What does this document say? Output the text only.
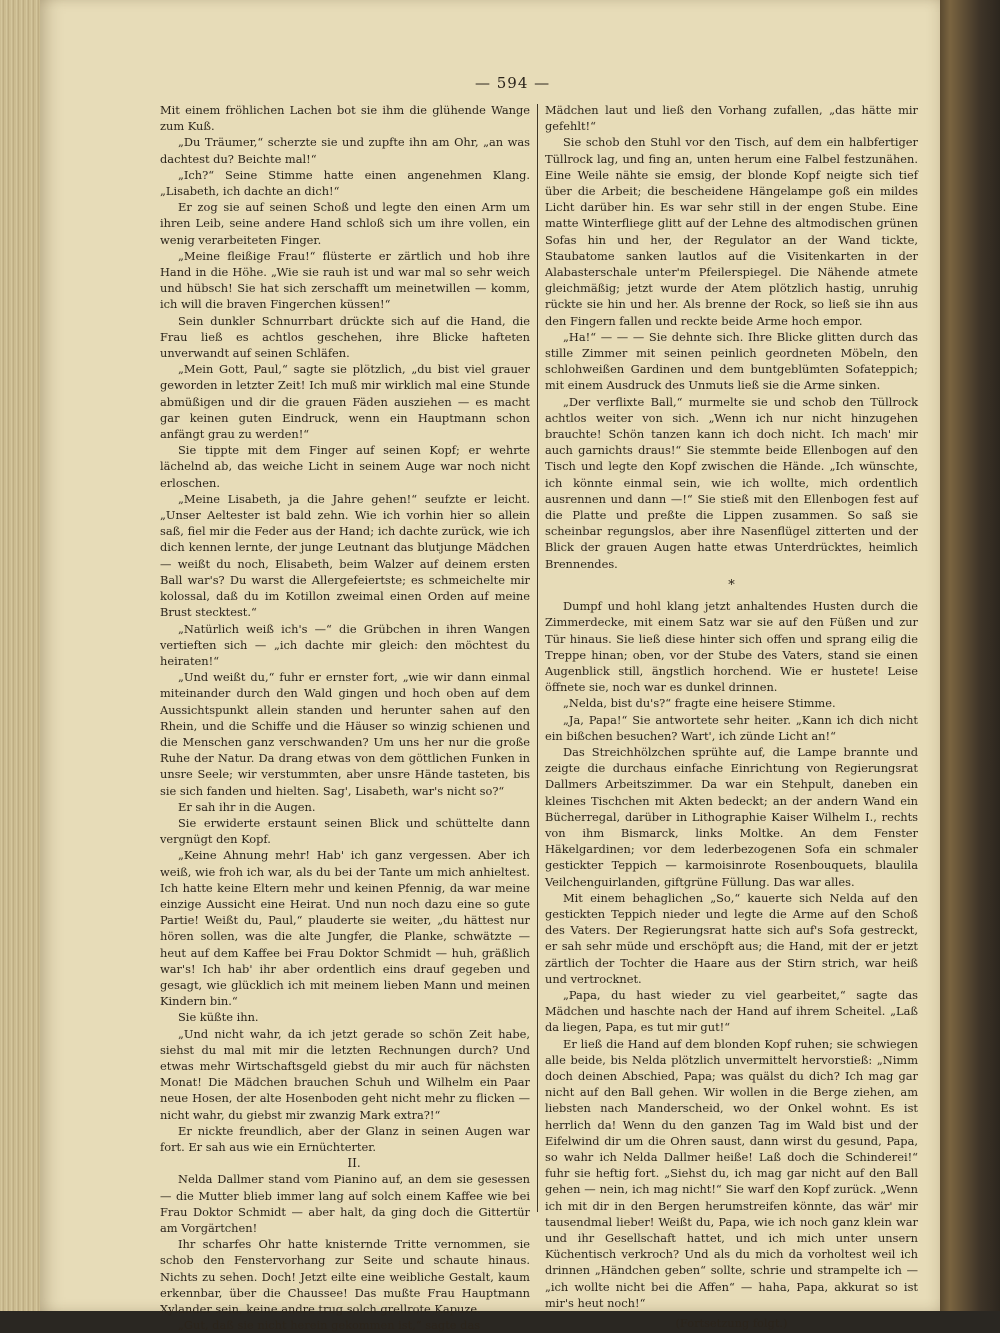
— 594 —

Mit einem fröhlichen Lachen bot sie ihm die glühende Wange zum Kuß.

„Du Träumer,“ scherzte sie und zupfte ihn am Ohr, „an was dachtest du? Beichte mal!“

„Ich?“ Seine Stimme hatte einen angenehmen Klang. „Lisabeth, ich dachte an dich!“

Er zog sie auf seinen Schoß und legte den einen Arm um ihren Leib, seine andere Hand schloß sich um ihre vollen, ein wenig verarbeiteten Finger.

„Meine fleißige Frau!“ flüsterte er zärtlich und hob ihre Hand in die Höhe. „Wie sie rauh ist und war mal so sehr weich und hübsch! Sie hat sich zerschafft um meinetwillen — komm, ich will die braven Fingerchen küssen!“

Sein dunkler Schnurrbart drückte sich auf die Hand, die Frau ließ es achtlos geschehen, ihre Blicke hafteten unverwandt auf seinen Schläfen.

„Mein Gott, Paul,“ sagte sie plötzlich, „du bist viel grauer geworden in letzter Zeit! Ich muß mir wirklich mal eine Stunde abmüßigen und dir die grauen Fäden ausziehen — es macht gar keinen guten Eindruck, wenn ein Hauptmann schon anfängt grau zu werden!“

Sie tippte mit dem Finger auf seinen Kopf; er wehrte lächelnd ab, das weiche Licht in seinem Auge war noch nicht erloschen.

„Meine Lisabeth, ja die Jahre gehen!“ seufzte er leicht. „Unser Aeltester ist bald zehn. Wie ich vorhin hier so allein saß, fiel mir die Feder aus der Hand; ich dachte zurück, wie ich dich kennen lernte, der junge Leutnant das blutjunge Mädchen — weißt du noch, Elisabeth, beim Walzer auf deinem ersten Ball war's? Du warst die Allergefeiertste; es schmeichelte mir kolossal, daß du im Kotillon zweimal einen Orden auf meine Brust stecktest.“

„Natürlich weiß ich's —“ die Grübchen in ihren Wangen vertieften sich — „ich dachte mir gleich: den möchtest du heiraten!“

„Und weißt du,“ fuhr er ernster fort, „wie wir dann einmal miteinander durch den Wald gingen und hoch oben auf dem Aussichtspunkt allein standen und herunter sahen auf den Rhein, und die Schiffe und die Häuser so winzig schienen und die Menschen ganz verschwanden? Um uns her nur die große Ruhe der Natur. Da drang etwas von dem göttlichen Funken in unsre Seele; wir verstummten, aber unsre Hände tasteten, bis sie sich fanden und hielten. Sag', Lisabeth, war's nicht so?“

Er sah ihr in die Augen.

Sie erwiderte erstaunt seinen Blick und schüttelte dann vergnügt den Kopf.

„Keine Ahnung mehr! Hab' ich ganz vergessen. Aber ich weiß, wie froh ich war, als du bei der Tante um mich anhieltest. Ich hatte keine Eltern mehr und keinen Pfennig, da war meine einzige Aussicht eine Heirat. Und nun noch dazu eine so gute Partie! Weißt du, Paul,“ plauderte sie weiter, „du hättest nur hören sollen, was die alte Jungfer, die Planke, schwätzte — heut auf dem Kaffee bei Frau Doktor Schmidt — huh, gräßlich war's! Ich hab' ihr aber ordentlich eins drauf gegeben und gesagt, wie glücklich ich mit meinem lieben Mann und meinen Kindern bin.“

Sie küßte ihn.

„Und nicht wahr, da ich jetzt gerade so schön Zeit habe, siehst du mal mit mir die letzten Rechnungen durch? Und etwas mehr Wirtschaftsgeld giebst du mir auch für nächsten Monat! Die Mädchen brauchen Schuh und Wilhelm ein Paar neue Hosen, der alte Hosenboden geht nicht mehr zu flicken — nicht wahr, du giebst mir zwanzig Mark extra?!“

Er nickte freundlich, aber der Glanz in seinen Augen war fort. Er sah aus wie ein Ernüchterter.

II.

Nelda Dallmer stand vom Pianino auf, an dem sie gesessen — die Mutter blieb immer lang auf solch einem Kaffee wie bei Frau Doktor Schmidt — aber halt, da ging doch die Gittertür am Vorgärtchen!

Ihr scharfes Ohr hatte knisternde Tritte vernommen, sie schob den Fenstervorhang zur Seite und schaute hinaus. Nichts zu sehen. Doch! Jetzt eilte eine weibliche Gestalt, kaum erkennbar, über die Chaussee! Das mußte Frau Hauptmann Xylander sein, keine andre trug solch grellrote Kapuze.

„Gut, daß sie nicht herein gekommen ist,“ sagte das

Mädchen laut und ließ den Vorhang zufallen, „das hätte mir gefehlt!“

Sie schob den Stuhl vor den Tisch, auf dem ein halbfertiger Tüllrock lag, und fing an, unten herum eine Falbel festzunähen. Eine Weile nähte sie emsig, der blonde Kopf neigte sich tief über die Arbeit; die bescheidene Hängelampe goß ein mildes Licht darüber hin. Es war sehr still in der engen Stube. Eine matte Winterfliege glitt auf der Lehne des altmodischen grünen Sofas hin und her, der Regulator an der Wand tickte, Staubatome sanken lautlos auf die Visitenkarten in der Alabasterschale unter'm Pfeilerspiegel. Die Nähende atmete gleichmäßig; jetzt wurde der Atem plötzlich hastig, unruhig rückte sie hin und her. Als brenne der Rock, so ließ sie ihn aus den Fingern fallen und reckte beide Arme hoch empor.

„Ha!“ — — — Sie dehnte sich. Ihre Blicke glitten durch das stille Zimmer mit seinen peinlich geordneten Möbeln, den schlohweißen Gardinen und dem buntgeblümten Sofateppich; mit einem Ausdruck des Unmuts ließ sie die Arme sinken.

„Der verflixte Ball,“ murmelte sie und schob den Tüllrock achtlos weiter von sich. „Wenn ich nur nicht hinzugehen brauchte! Schön tanzen kann ich doch nicht. Ich mach' mir auch garnichts draus!“ Sie stemmte beide Ellenbogen auf den Tisch und legte den Kopf zwischen die Hände. „Ich wünschte, ich könnte einmal sein, wie ich wollte, mich ordentlich ausrennen und dann —!“ Sie stieß mit den Ellenbogen fest auf die Platte und preßte die Lippen zusammen. So saß sie scheinbar regungslos, aber ihre Nasenflügel zitterten und der Blick der grauen Augen hatte etwas Unterdrücktes, heimlich Brennendes.

*

Dumpf und hohl klang jetzt anhaltendes Husten durch die Zimmerdecke, mit einem Satz war sie auf den Füßen und zur Tür hinaus. Sie ließ diese hinter sich offen und sprang eilig die Treppe hinan; oben, vor der Stube des Vaters, stand sie einen Augenblick still, ängstlich horchend. Wie er hustete! Leise öffnete sie, noch war es dunkel drinnen.

„Nelda, bist du's?“ fragte eine heisere Stimme.

„Ja, Papa!“ Sie antwortete sehr heiter. „Kann ich dich nicht ein bißchen besuchen? Wart', ich zünde Licht an!“

Das Streichhölzchen sprühte auf, die Lampe brannte und zeigte die durchaus einfache Einrichtung von Regierungsrat Dallmers Arbeitszimmer. Da war ein Stehpult, daneben ein kleines Tischchen mit Akten bedeckt; an der andern Wand ein Bücherregal, darüber in Lithographie Kaiser Wilhelm I., rechts von ihm Bismarck, links Moltke. An dem Fenster Häkelgardinen; vor dem lederbezogenen Sofa ein schmaler gestickter Teppich — karmoisinrote Rosenbouquets, blaulila Veilchenguirlanden, giftgrüne Füllung. Das war alles.

Mit einem behaglichen „So,“ kauerte sich Nelda auf den gestickten Teppich nieder und legte die Arme auf den Schoß des Vaters. Der Regierungsrat hatte sich auf's Sofa gestreckt, er sah sehr müde und erschöpft aus; die Hand, mit der er jetzt zärtlich der Tochter die Haare aus der Stirn strich, war heiß und vertrocknet.

„Papa, du hast wieder zu viel gearbeitet,“ sagte das Mädchen und haschte nach der Hand auf ihrem Scheitel. „Laß da liegen, Papa, es tut mir gut!“

Er ließ die Hand auf dem blonden Kopf ruhen; sie schwiegen alle beide, bis Nelda plötzlich unvermittelt hervorstieß: „Nimm doch deinen Abschied, Papa; was quälst du dich? Ich mag gar nicht auf den Ball gehen. Wir wollen in die Berge ziehen, am liebsten nach Manderscheid, wo der Onkel wohnt. Es ist herrlich da! Wenn du den ganzen Tag im Wald bist und der Eifelwind dir um die Ohren saust, dann wirst du gesund, Papa, so wahr ich Nelda Dallmer heiße! Laß doch die Schinderei!“ fuhr sie heftig fort. „Siehst du, ich mag gar nicht auf den Ball gehen — nein, ich mag nicht!“ Sie warf den Kopf zurück. „Wenn ich mit dir in den Bergen herumstreifen könnte, das wär' mir tausendmal lieber! Weißt du, Papa, wie ich noch ganz klein war und ihr Gesellschaft hattet, und ich mich unter unsern Küchentisch verkroch? Und als du mich da vorholtest weil ich drinnen „Händchen geben“ sollte, schrie und strampelte ich — „ich wollte nicht bei die Affen“ — haha, Papa, akkurat so ist mir's heut noch!“

(Fortsetzung folgt.)
